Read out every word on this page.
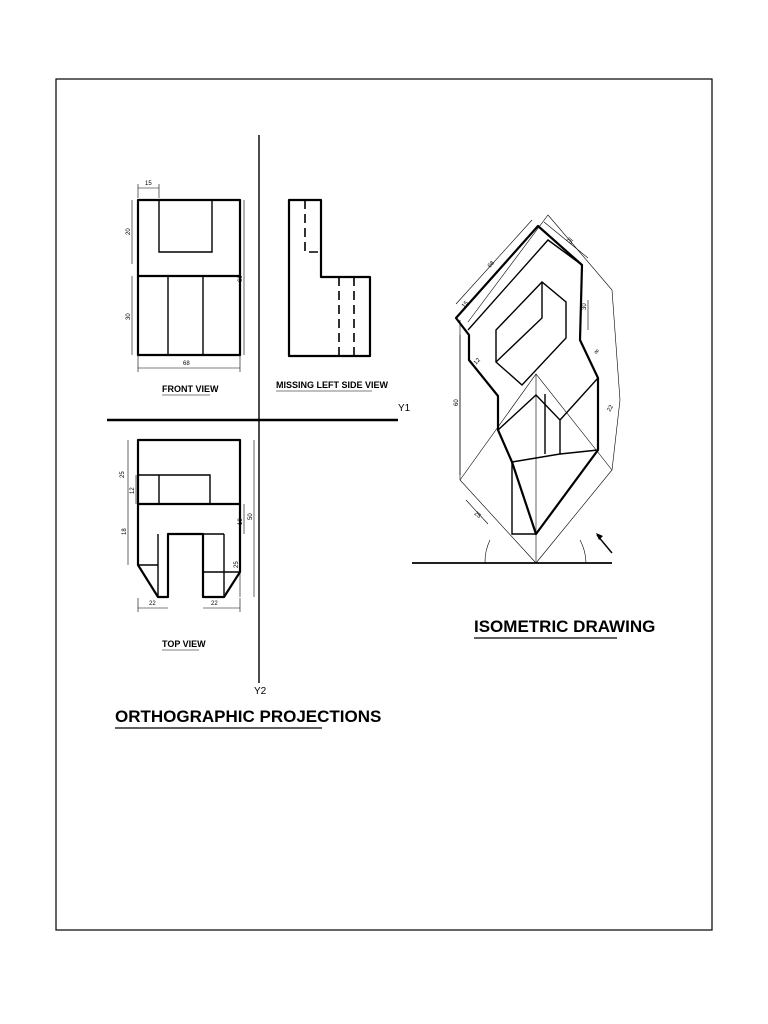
Y1
Y2
15
20
30
60
68
FRONT VIEW	MISSING LEFT SIDE VIEW
25
12
18
50
25
10
22	22
TOP VIEW
ORTHOGRAPHIC PROJECTIONS
68
25
15	30
12
60
8
22
25
ISOMETRIC DRAWING
